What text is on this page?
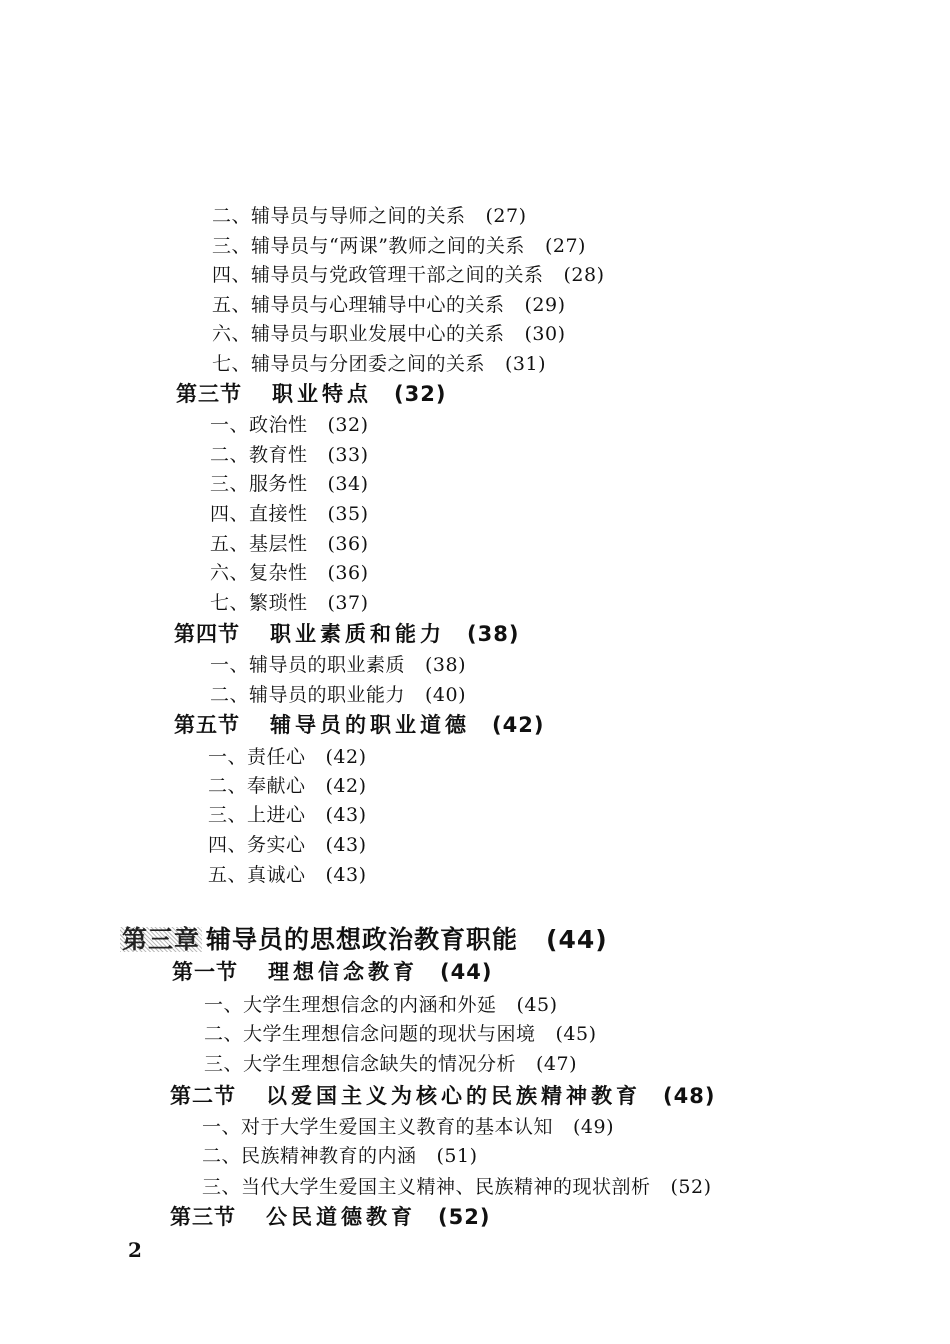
二、辅导员与导师之间的关系 (27)
三、辅导员与“两课”教师之间的关系 (27)
四、辅导员与党政管理干部之间的关系 (28)
五、辅导员与心理辅导中心的关系 (29)
六、辅导员与职业发展中心的关系 (30)
七、辅导员与分团委之间的关系 (31)
第三节 职业特点 (32)
一、政治性 (32)
二、教育性 (33)
三、服务性 (34)
四、直接性 (35)
五、基层性 (36)
六、复杂性 (36)
七、繁琐性 (37)
第四节 职业素质和能力 (38)
一、辅导员的职业素质 (38)
二、辅导员的职业能力 (40)
第五节 辅导员的职业道德 (42)
一、责任心 (42)
二、奉献心 (42)
三、上进心 (43)
四、务实心 (43)
五、真诚心 (43)
第三章 辅导员的思想政治教育职能 (44)
第一节 理想信念教育 (44)
一、大学生理想信念的内涵和外延 (45)
二、大学生理想信念问题的现状与困境 (45)
三、大学生理想信念缺失的情况分析 (47)
第二节 以爱国主义为核心的民族精神教育 (48)
一、对于大学生爱国主义教育的基本认知 (49)
二、民族精神教育的内涵 (51)
三、当代大学生爱国主义精神、民族精神的现状剖析 (52)
第三节 公民道德教育 (52)
2
